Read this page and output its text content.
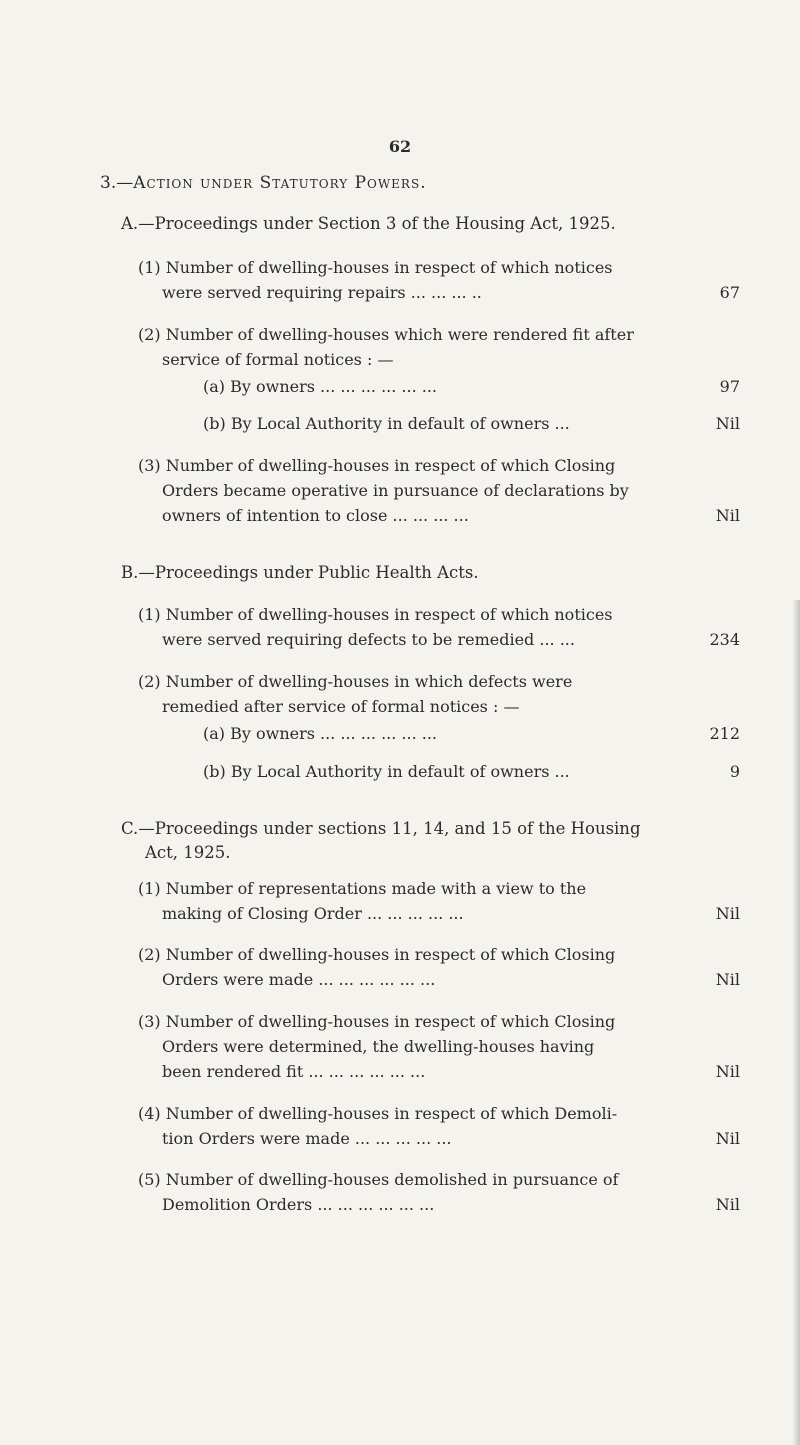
62
3.—Action under Statutory Powers.
A.—Proceedings under Section 3 of the Housing Act, 1925.
(1) Number of dwelling-houses in respect of which notices
were served requiring repairs ... ... ... ..	67
(2) Number of dwelling-houses which were rendered fit after
service of formal notices : —
(a) By owners ... ... ... ... ... ...	97
(b) By Local Authority in default of owners ...	Nil
(3) Number of dwelling-houses in respect of which Closing
Orders became operative in pursuance of declarations by
owners of intention to close ... ... ... ...	Nil
B.—Proceedings under Public Health Acts.
(1) Number of dwelling-houses in respect of which notices
were served requiring defects to be remedied ... ...	234
(2) Number of dwelling-houses in which defects were
remedied after service of formal notices : —
(a) By owners ... ... ... ... ... ...	212
(b) By Local Authority in default of owners ...	9
C.—Proceedings under sections 11, 14, and 15 of the Housing
Act, 1925.
(1) Number of representations made with a view to the
making of Closing Order ... ... ... ... ...	Nil
(2) Number of dwelling-houses in respect of which Closing
Orders were made ... ... ... ... ... ...	Nil
(3) Number of dwelling-houses in respect of which Closing
Orders were determined, the dwelling-houses having
been rendered fit ... ... ... ... ... ...	Nil
(4) Number of dwelling-houses in respect of which Demoli-
tion Orders were made ... ... ... ... ...	Nil
(5) Number of dwelling-houses demolished in pursuance of
Demolition Orders ... ... ... ... ... ...	Nil
